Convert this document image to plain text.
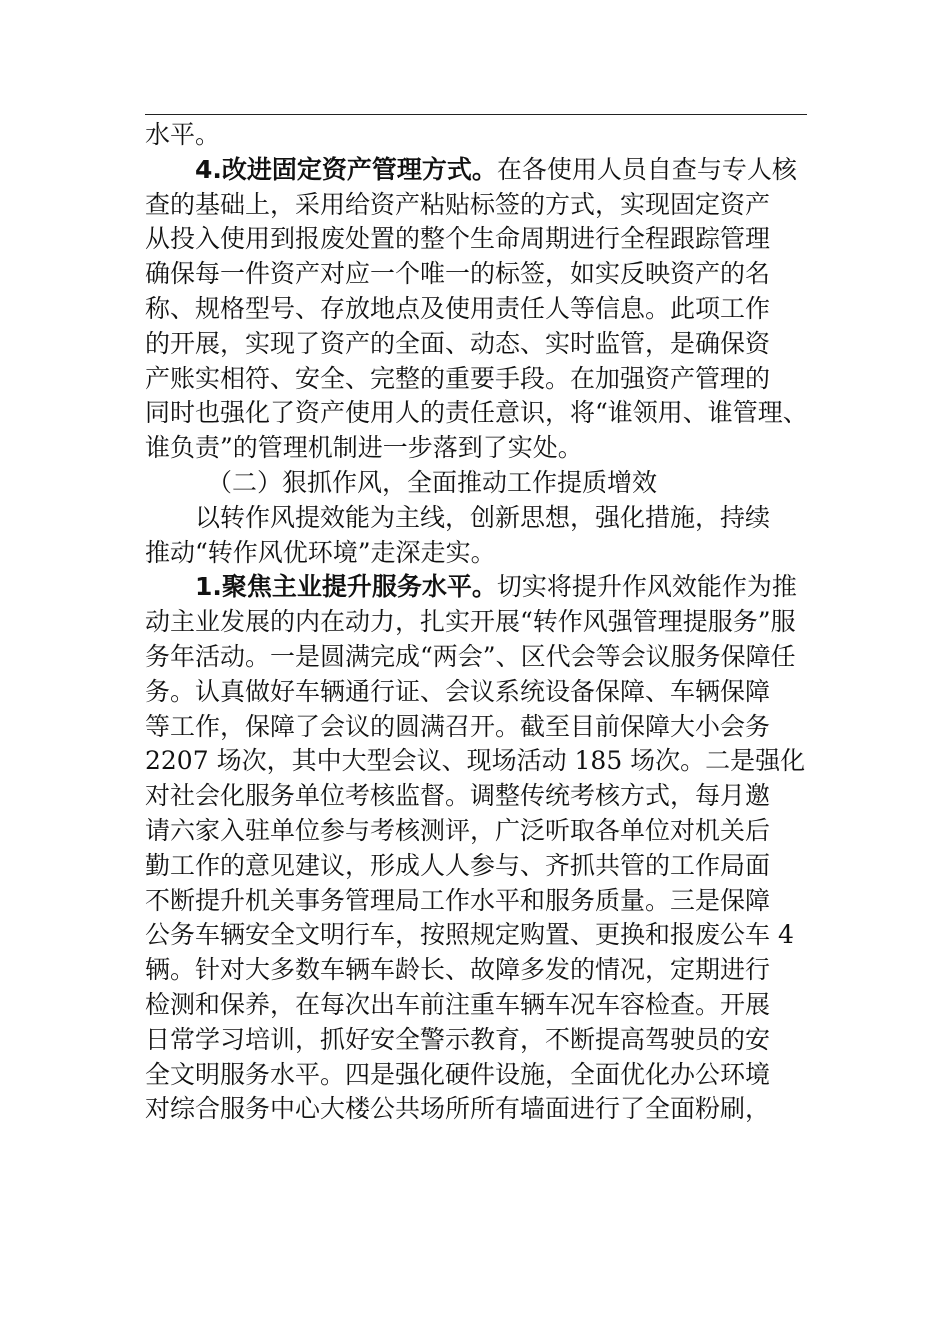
水平。
4.改进固定资产管理方式。在各使用人员自查与专人核
查的基础上，采用给资产粘贴标签的方式，实现固定资产
从投入使用到报废处置的整个生命周期进行全程跟踪管理
确保每一件资产对应一个唯一的标签，如实反映资产的名
称、规格型号、存放地点及使用责任人等信息。此项工作
的开展，实现了资产的全面、动态、实时监管，是确保资
产账实相符、安全、完整的重要手段。在加强资产管理的
同时也强化了资产使用人的责任意识，将“谁领用、谁管理、
谁负责”的管理机制进一步落到了实处。
（二）狠抓作风，全面推动工作提质增效
以转作风提效能为主线，创新思想，强化措施，持续
推动“转作风优环境”走深走实。
1.聚焦主业提升服务水平。切实将提升作风效能作为推
动主业发展的内在动力，扎实开展“转作风强管理提服务”服
务年活动。一是圆满完成“两会”、区代会等会议服务保障任
务。认真做好车辆通行证、会议系统设备保障、车辆保障
等工作，保障了会议的圆满召开。截至目前保障大小会务
2207 场次，其中大型会议、现场活动 185 场次。二是强化
对社会化服务单位考核监督。调整传统考核方式，每月邀
请六家入驻单位参与考核测评，广泛听取各单位对机关后
勤工作的意见建议，形成人人参与、齐抓共管的工作局面
不断提升机关事务管理局工作水平和服务质量。三是保障
公务车辆安全文明行车，按照规定购置、更换和报废公车 4
辆。针对大多数车辆车龄长、故障多发的情况，定期进行
检测和保养，在每次出车前注重车辆车况车容检查。开展
日常学习培训，抓好安全警示教育，不断提高驾驶员的安
全文明服务水平。四是强化硬件设施，全面优化办公环境
对综合服务中心大楼公共场所所有墙面进行了全面粉刷，
